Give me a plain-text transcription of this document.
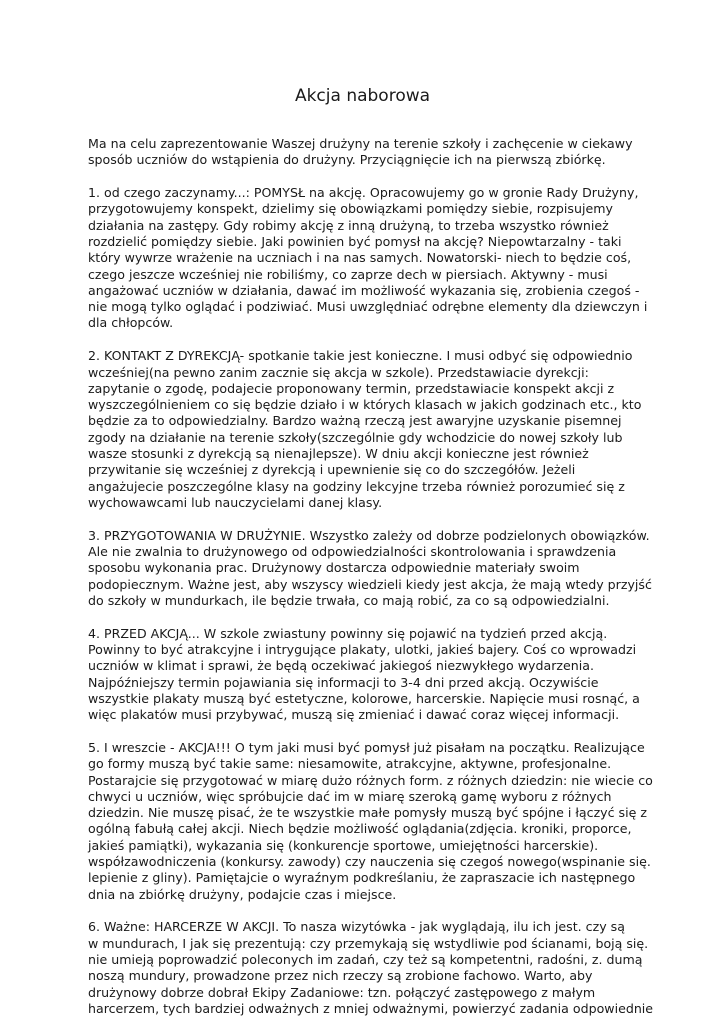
Akcja naborowa

Ma na celu zaprezentowanie Waszej drużyny na terenie szkoły i zachęcenie w ciekawy
sposób uczniów do wstąpienia do drużyny. Przyciągnięcie ich na pierwszą zbiórkę.

1. od czego zaczynamy...: POMYSŁ na akcję. Opracowujemy go w gronie Rady Drużyny,
przygotowujemy konspekt, dzielimy się obowiązkami pomiędzy siebie, rozpisujemy
działania na zastępy. Gdy robimy akcję z inną drużyną, to trzeba wszystko również
rozdzielić pomiędzy siebie. Jaki powinien być pomysł na akcję? Niepowtarzalny - taki
który wywrze wrażenie na uczniach i na nas samych. Nowatorski- niech to będzie coś,
czego jeszcze wcześniej nie robiliśmy, co zaprze dech w piersiach. Aktywny - musi
angażować uczniów w działania, dawać im możliwość wykazania się, zrobienia czegoś -
nie mogą tylko oglądać i podziwiać. Musi uwzględniać odrębne elementy dla dziewczyn i
dla chłopców.

2. KONTAKT Z DYREKCJĄ- spotkanie takie jest konieczne. I musi odbyć się odpowiednio
wcześniej(na pewno zanim zacznie się akcja w szkole). Przedstawiacie dyrekcji:
zapytanie o zgodę, podajecie proponowany termin, przedstawiacie konspekt akcji z
wyszczególnieniem co się będzie działo i w których klasach w jakich godzinach etc., kto
będzie za to odpowiedzialny. Bardzo ważną rzeczą jest awaryjne uzyskanie pisemnej
zgody na działanie na terenie szkoły(szczególnie gdy wchodzicie do nowej szkoły lub
wasze stosunki z dyrekcją są nienajlepsze). W dniu akcji konieczne jest również
przywitanie się wcześniej z dyrekcją i upewnienie się co do szczegółów. Jeżeli
angażujecie poszczególne klasy na godziny lekcyjne trzeba również porozumieć się z
wychowawcami lub nauczycielami danej klasy.

3. PRZYGOTOWANIA W DRUŻYNIE. Wszystko zależy od dobrze podzielonych obowiązków.
Ale nie zwalnia to drużynowego od odpowiedzialności skontrolowania i sprawdzenia
sposobu wykonania prac. Drużynowy dostarcza odpowiednie materiały swoim
podopiecznym. Ważne jest, aby wszyscy wiedzieli kiedy jest akcja, że mają wtedy przyjść
do szkoły w mundurkach, ile będzie trwała, co mają robić, za co są odpowiedzialni.

4. PRZED AKCJĄ... W szkole zwiastuny powinny się pojawić na tydzień przed akcją.
Powinny to być atrakcyjne i intrygujące plakaty, ulotki, jakieś bajery. Coś co wprowadzi
uczniów w klimat i sprawi, że będą oczekiwać jakiegoś niezwykłego wydarzenia.
Najpóźniejszy termin pojawiania się informacji to 3-4 dni przed akcją. Oczywiście
wszystkie plakaty muszą być estetyczne, kolorowe, harcerskie. Napięcie musi rosnąć, a
więc plakatów musi przybywać, muszą się zmieniać i dawać coraz więcej informacji.

5. I wreszcie - AKCJA!!! O tym jaki musi być pomysł już pisałam na początku. Realizujące
go formy muszą być takie same: niesamowite, atrakcyjne, aktywne, profesjonalne.
Postarajcie się przygotować w miarę dużo różnych form. z różnych dziedzin: nie wiecie co
chwyci u uczniów, więc spróbujcie dać im w miarę szeroką gamę wyboru z różnych
dziedzin. Nie muszę pisać, że te wszystkie małe pomysły muszą być spójne i łączyć się z
ogólną fabułą całej akcji. Niech będzie możliwość oglądania(zdjęcia. kroniki, proporce,
jakieś pamiątki), wykazania się (konkurencje sportowe, umiejętności harcerskie).
współzawodniczenia (konkursy. zawody) czy nauczenia się czegoś nowego(wspinanie się.
lepienie z gliny). Pamiętajcie o wyraźnym podkreślaniu, że zapraszacie ich następnego
dnia na zbiórkę drużyny, podajcie czas i miejsce.

6. Ważne: HARCERZE W AKCJI. To nasza wizytówka - jak wyglądają, ilu ich jest. czy są
w mundurach, I jak się prezentują: czy przemykają się wstydliwie pod ścianami, boją się.
nie umieją poprowadzić poleconych im zadań, czy też są kompetentni, radośni, z. dumą
noszą mundury, prowadzone przez nich rzeczy są zrobione fachowo. Warto, aby
drużynowy dobrze dobrał Ekipy Zadaniowe: tzn. połączyć zastępowego z małym
harcerzem, tych bardziej odważnych z mniej odważnymi, powierzyć zadania odpowiednie
